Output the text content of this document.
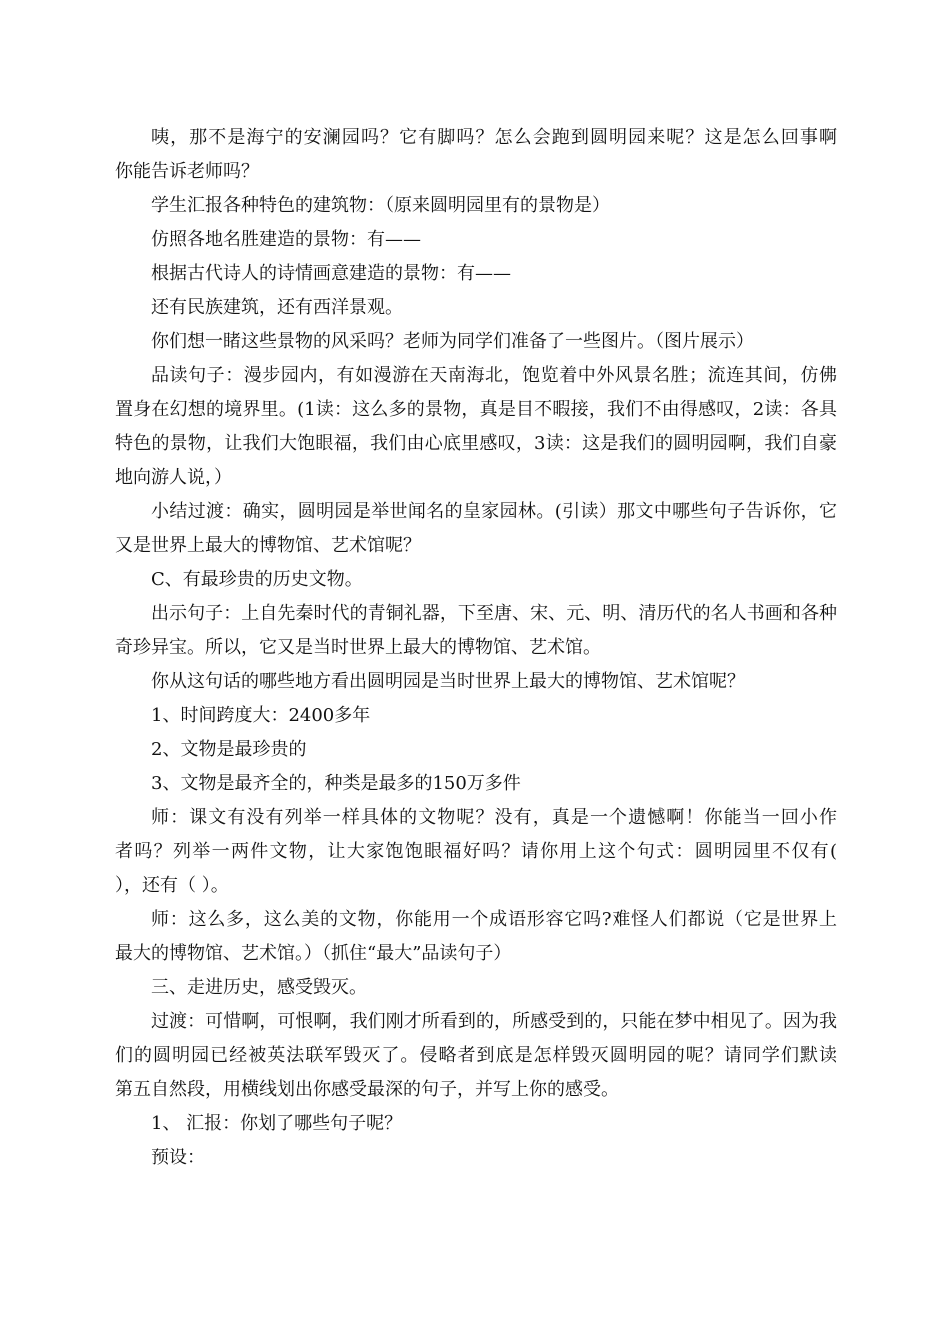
咦，那不是海宁的安澜园吗？它有脚吗？怎么会跑到圆明园来呢？这是怎么回事啊
你能告诉老师吗？
学生汇报各种特色的建筑物：（原来圆明园里有的景物是）
仿照各地名胜建造的景物：有——
根据古代诗人的诗情画意建造的景物：有——
还有民族建筑，还有西洋景观。
你们想一睹这些景物的风采吗？老师为同学们准备了一些图片。（图片展示）
品读句子：漫步园内，有如漫游在天南海北，饱览着中外风景名胜；流连其间，仿佛
置身在幻想的境界里。(1读：这么多的景物，真是目不暇接，我们不由得感叹，2读：各具
特色的景物，让我们大饱眼福，我们由心底里感叹，3读：这是我们的圆明园啊，我们自豪
地向游人说，）
小结过渡：确实，圆明园是举世闻名的皇家园林。(引读）那文中哪些句子告诉你，它
又是世界上最大的博物馆、艺术馆呢？
C、有最珍贵的历史文物。
出示句子：上自先秦时代的青铜礼器，下至唐、宋、元、明、清历代的名人书画和各种
奇珍异宝。所以，它又是当时世界上最大的博物馆、艺术馆。
你从这句话的哪些地方看出圆明园是当时世界上最大的博物馆、艺术馆呢？
1、时间跨度大：2400多年
2、文物是最珍贵的
3、文物是最齐全的，种类是最多的150万多件
师：课文有没有列举一样具体的文物呢？没有，真是一个遗憾啊！你能当一回小作
者吗？列举一两件文物，让大家饱饱眼福好吗？请你用上这个句式：圆明园里不仅有(
），还有（ ）。
师：这么多，这么美的文物，你能用一个成语形容它吗?难怪人们都说（它是世界上
最大的博物馆、艺术馆。）（抓住“最大”品读句子）
三、走进历史，感受毁灭。
过渡：可惜啊，可恨啊，我们刚才所看到的，所感受到的，只能在梦中相见了。因为我
们的圆明园已经被英法联军毁灭了。侵略者到底是怎样毁灭圆明园的呢？请同学们默读
第五自然段，用横线划出你感受最深的句子，并写上你的感受。
1、 汇报：你划了哪些句子呢？
预设：
